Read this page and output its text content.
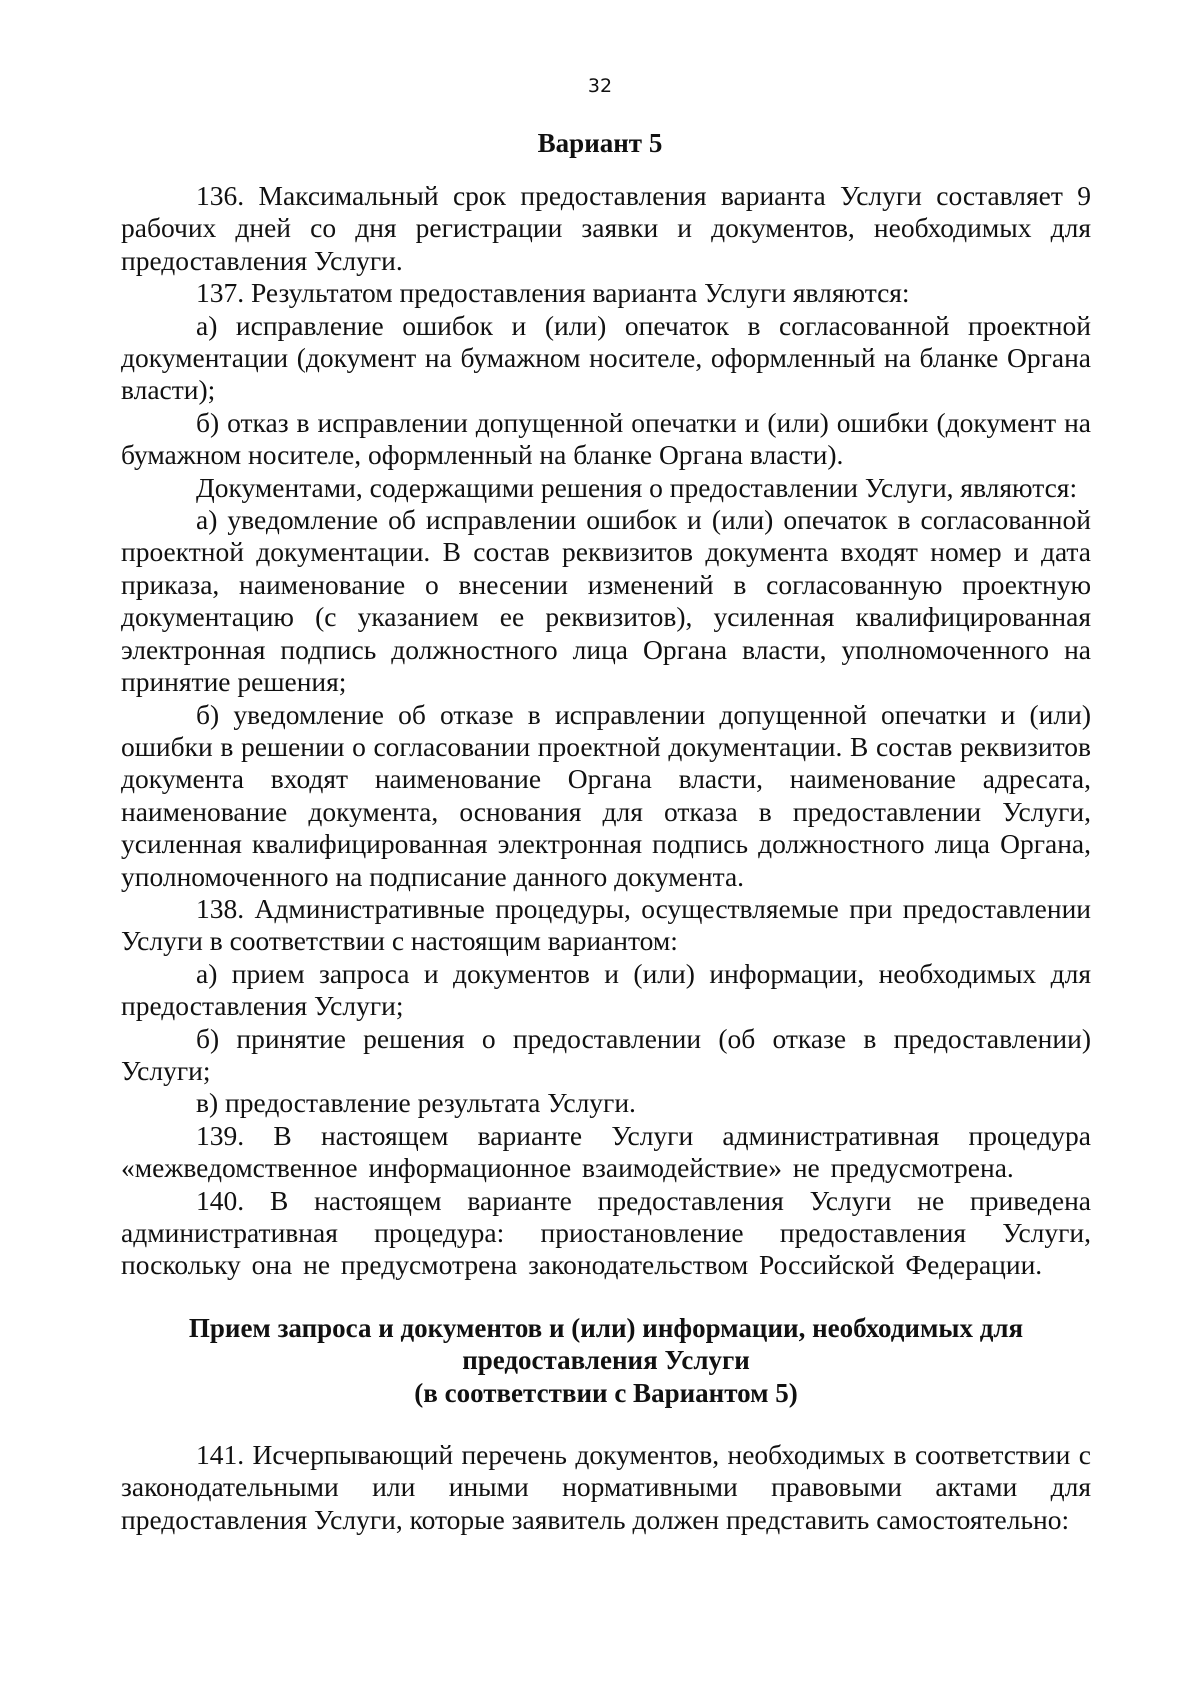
32
Вариант 5

136. Максимальный срок предоставления варианта Услуги составляет 9 рабочих дней со дня регистрации заявки и документов, необходимых для предоставления Услуги.

137. Результатом предоставления варианта Услуги являются:

а) исправление ошибок и (или) опечаток в согласованной проектной документации (документ на бумажном носителе, оформленный на бланке Органа власти);

б) отказ в исправлении допущенной опечатки и (или) ошибки (документ на бумажном носителе, оформленный на бланке Органа власти).

Документами, содержащими решения о предоставлении Услуги, являются:

а) уведомление об исправлении ошибок и (или) опечаток в согласованной проектной документации. В состав реквизитов документа входят номер и дата приказа, наименование о внесении изменений в согласованную проектную документацию (с указанием ее реквизитов), усиленная квалифицированная электронная подпись должностного лица Органа власти, уполномоченного на принятие решения;

б) уведомление об отказе в исправлении допущенной опечатки и (или) ошибки в решении о согласовании проектной документации. В состав реквизитов документа входят наименование Органа власти, наименование адресата, наименование документа, основания для отказа в предоставлении Услуги, усиленная квалифицированная электронная подпись должностного лица Органа, уполномоченного на подписание данного документа.

138. Административные процедуры, осуществляемые при предоставлении Услуги в соответствии с настоящим вариантом:

а) прием запроса и документов и (или) информации, необходимых для предоставления Услуги;

б) принятие решения о предоставлении (об отказе в предоставлении) Услуги;

в) предоставление результата Услуги.

139. В настоящем варианте Услуги административная процедура «межведомственное информационное взаимодействие» не предусмотрена.

140. В настоящем варианте предоставления Услуги не приведена административная процедура: приостановление предоставления Услуги, поскольку она не предусмотрена законодательством Российской Федерации.

Прием запроса и документов и (или) информации, необходимых для
предоставления Услуги
(в соответствии с Вариантом 5)

141. Исчерпывающий перечень документов, необходимых в соответствии с законодательными или иными нормативными правовыми актами для предоставления Услуги, которые заявитель должен представить самостоятельно:
